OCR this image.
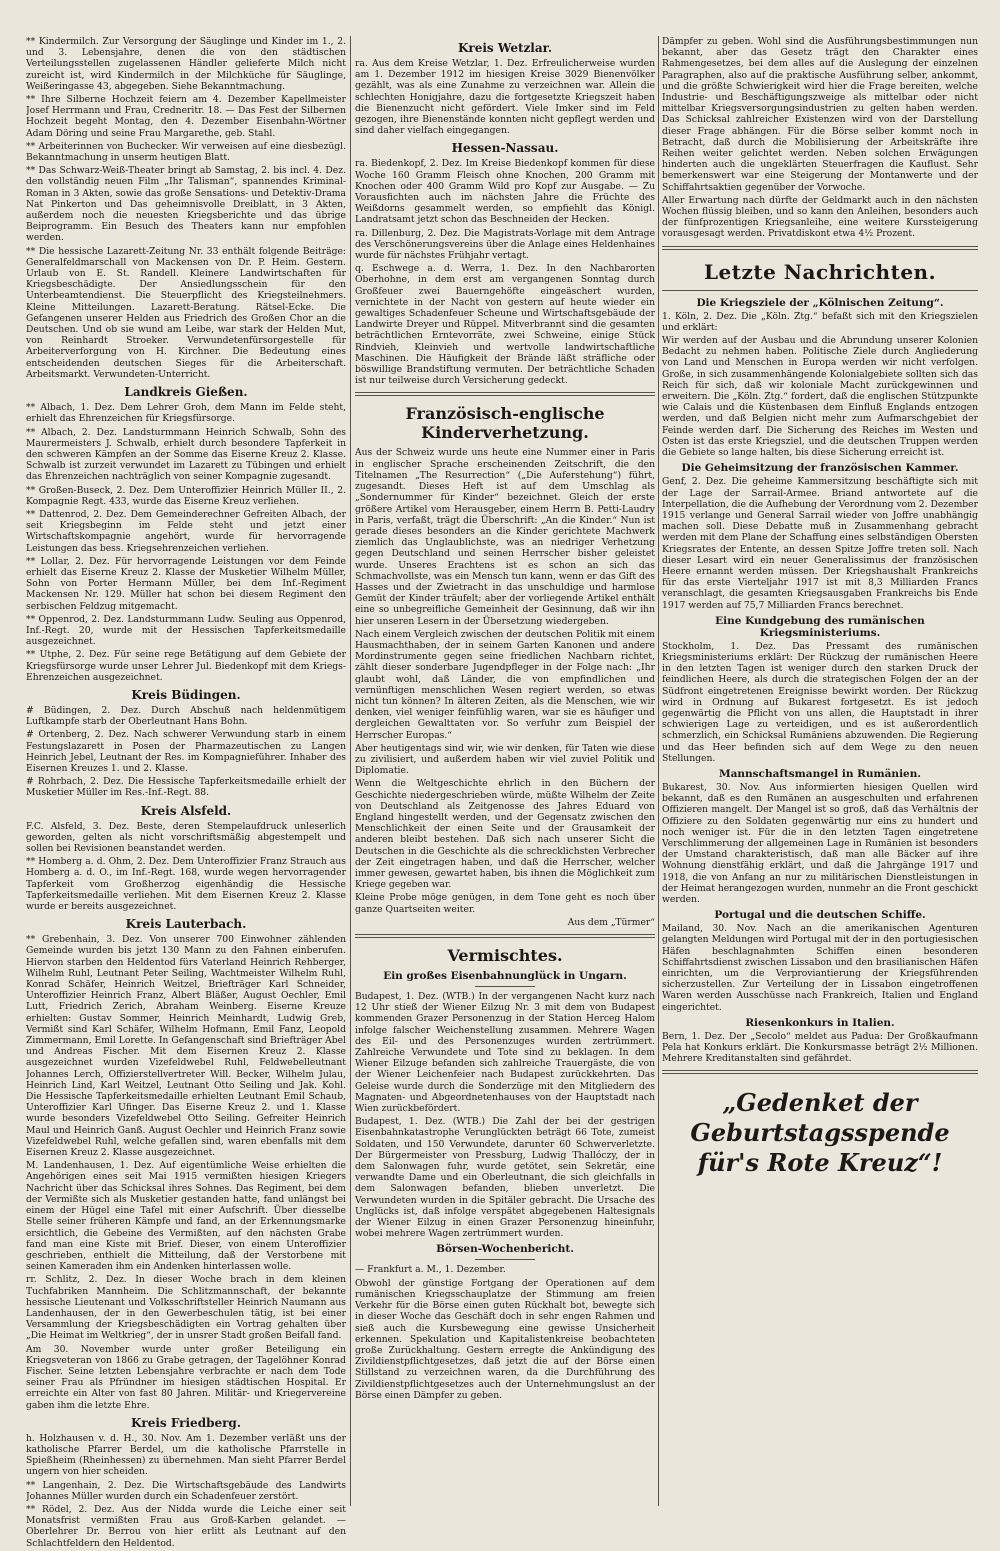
** Kindermilch. Zur Versorgung der Säuglinge und Kinder im 1., 2. und 3. Lebensjahre, denen die von den städtischen Verteilungsstellen zugelassenen Händler gelieferte Milch nicht zureicht ist, wird Kindermilch in der Milchküche für Säuglinge, Weißeringasse 43, abgegeben. Siehe Bekanntmachung.

** Ihre Silberne Hochzeit feiern am 4. Dezember Kapellmeister Josef Herrmann und Frau, Credneritr. 18. — Das Fest der Silbernen Hochzeit begeht Montag, den 4. Dezember Eisenbahn-Wörtner Adam Döring und seine Frau Margarethe, geb. Stahl.

** Arbeiterinnen von Buchecker. Wir verweisen auf eine diesbezügl. Bekanntmachung in unserm heutigen Blatt.

** Das Schwarz-Weiß-Theater bringt ab Samstag, 2. bis incl. 4. Dez. den vollständig neuen Film „Ihr Talisman“, spannendes Kriminal-Roman in 3 Akten, sowie das große Sensations- und Detektiv-Drama Nat Pinkerton und Das geheimnisvolle Dreiblatt, in 3 Akten, außerdem noch die neuesten Kriegsberichte und das übrige Beiprogramm. Ein Besuch des Theaters kann nur empfohlen werden.

** Die hessische Lazarett-Zeitung Nr. 33 enthält folgende Beiträge: Generalfeldmarschall von Mackensen von Dr. P. Heim. Gestern. Urlaub von E. St. Randell. Kleinere Landwirtschaften für Kriegsbeschädigte. Der Ansiedlungsschein für den Unterbeamtendienst. Die Steuerpflicht des Kriegsteilnehmers. Kleine Mitteilungen. Lazarett-Beratung. Rätsel-Ecke. Die Gefangenen unserer Helden aus Friedrich des Großen Chor an die Deutschen. Und ob sie wund am Leibe, war stark der Helden Mut, von Reinhardt Stroeker. Verwundetenfürsorgestelle für Arbeiterverforgung von H. Kirchner. Die Bedeutung eines entscheidenden deutschen Sieges für die Arbeiterschaft. Arbeitsmarkt. Verwundeten-Unterricht.

Landkreis Gießen.

** Albach, 1. Dez. Dem Lehrer Groh, dem Mann im Felde steht, erhielt das Ehrenzeichen für Kriegsfürsorge.

** Albach, 2. Dez. Landsturmmann Heinrich Schwalb, Sohn des Maurermeisters J. Schwalb, erhielt durch besondere Tapferkeit in den schweren Kämpfen an der Somme das Eiserne Kreuz 2. Klasse. Schwalb ist zurzeit verwundet im Lazarett zu Tübingen und erhielt das Ehrenzeichen nachträglich von seiner Kompagnie zugesandt.

** Großen-Buseck, 2. Dez. Dem Unteroffizier Heinrich Müller II., 2. Kompagnie Regt. 433, wurde das Eiserne Kreuz verliehen.

** Dattenrod, 2. Dez. Dem Gemeinderechner Gefreiten Albach, der seit Kriegsbeginn im Felde steht und jetzt einer Wirtschaftskompagnie angehört, wurde für hervorragende Leistungen das bess. Kriegsehrenzeichen verliehen.

** Lollar, 2. Dez. Für hervorragende Leistungen vor dem Feinde erhielt das Eiserne Kreuz 2. Klasse der Musketier Wilhelm Müller, Sohn von Porter Hermann Müller, bei dem Inf.-Regiment Mackensen Nr. 129. Müller hat schon bei diesem Regiment den serbischen Feldzug mitgemacht.

** Oppenrod, 2. Dez. Landsturmmann Ludw. Seuling aus Oppenrod, Inf.-Regt. 20, wurde mit der Hessischen Tapferkeitsmedaille ausgezeichnet.

** Utphe, 2. Dez. Für seine rege Betätigung auf dem Gebiete der Kriegsfürsorge wurde unser Lehrer Jul. Biedenkopf mit dem Kriegs-Ehrenzeichen ausgezeichnet.

Kreis Büdingen.

# Büdingen, 2. Dez. Durch Abschuß nach heldenmütigem Luftkampfe starb der Oberleutnant Hans Bohn.

# Ortenberg, 2. Dez. Nach schwerer Verwundung starb in einem Festungslazarett in Posen der Pharmazeutischen zu Langen Heinrich Jebel, Leutnant der Res. im Kompagnieführer. Inhaber des Eisernen Kreuzes 1. und 2. Klasse.

# Rohrbach, 2. Dez. Die Hessische Tapferkeitsmedaille erhielt der Musketier Müller im Res.-Inf.-Regt. 88.

Kreis Alsfeld.

F.C. Alsfeld, 3. Dez. Beste, deren Stempelaufdruck unleserlich geworden, gelten als nicht vorschriftsmäßig abgestempelt und sollen bei Revisionen beanstandet werden.

** Homberg a. d. Ohm, 2. Dez. Dem Unteroffizier Franz Strauch aus Homberg a. d. O., im Inf.-Regt. 168, wurde wegen hervorragender Tapferkeit vom Großherzog eigenhändig die Hessische Tapferkeitsmedaille verliehen. Mit dem Eisernen Kreuz 2. Klasse wurde er bereits ausgezeichnet.

Kreis Lauterbach.

** Grebenhain, 3. Dez. Von unserer 700 Einwohner zählenden Gemeinde wurden bis jetzt 130 Mann zu den Fahnen einberufen. Hiervon starben den Heldentod fürs Vaterland Heinrich Rehberger, Wilhelm Ruhl, Leutnant Peter Seiling, Wachtmeister Wilhelm Ruhl, Konrad Schäfer, Heinrich Weitzel, Briefträger Karl Schneider, Unteroffizier Heinrich Franz, Albert Bläßer, August Oechler, Emil Lutt, Friedrich Zerich, Abraham Weinberg. Eiserne Kreuze erhielten: Gustav Sommer, Heinrich Meinhardt, Ludwig Greb, Vermißt sind Karl Schäfer, Wilhelm Hofmann, Emil Fanz, Leopold Zimmermann, Emil Lorette. In Gefangenschaft sind Briefträger Abel und Andreas Fischer. Mit dem Eisernen Kreuz 2. Klasse ausgezeichnet wurden Vizefeldwebel Ruhl, Feldwebelleutnant Johannes Lerch, Offizierstellvertreter Will. Becker, Wilhelm Julau, Heinrich Lind, Karl Weitzel, Leutnant Otto Seiling und Jak. Kohl. Die Hessische Tapferkeitsmedaille erhielten Leutnant Emil Schaub, Unteroffizier Karl Ufinger. Das Eiserne Kreuz 2. und 1. Klasse wurde besonders Vizefeldwebel Otto Seiling. Gefreiter Heinrich Maul und Heinrich Ganß. August Oechler und Heinrich Franz sowie Vizefeldwebel Ruhl, welche gefallen sind, waren ebenfalls mit dem Eisernen Kreuz 2. Klasse ausgezeichnet.

M. Landenhausen, 1. Dez. Auf eigentümliche Weise erhielten die Angehörigen eines seit Mai 1915 vermißten hiesigen Kriegers Nachricht über das Schicksal ihres Sohnes. Das Regiment, bei dem der Vermißte sich als Musketier gestanden hatte, fand unlängst bei einem der Hügel eine Tafel mit einer Aufschrift. Über diesselbe Stelle seiner früheren Kämpfe und fand, an der Erkennungsmarke ersichtlich, die Gebeine des Vermißten, auf den nächsten Grabe fand man eine Kiste mit Brief. Dieser, von einem Unteroffizier geschrieben, enthielt die Mitteilung, daß der Verstorbene mit seinen Kameraden ihm ein Andenken hinterlassen wolle.

rr. Schlitz, 2. Dez. In dieser Woche brach in dem kleinen Tuchfabriken Mannheim. Die Schlitzmannschaft, der bekannte hessische Lieutenant und Volksschriftsteller Heinrich Naumann aus Landenhausen, der in den Gewerbeschulen tätig, ist bei einer Versammlung der Kriegsbeschädigten ein Vortrag gehalten über „Die Heimat im Weltkrieg“, der in unsrer Stadt großen Beifall fand.

Am 30. November wurde unter großer Beteiligung ein Kriegsveteran von 1866 zu Grabe getragen, der Tagelöhner Konrad Fischer. Seine letzten Lebensjahre verbrachte er nach dem Tode seiner Frau als Pfründner im hiesigen städtischen Hospital. Er erreichte ein Alter von fast 80 Jahren. Militär- und Kriegervereine gaben ihm die letzte Ehre.

Kreis Friedberg.

h. Holzhausen v. d. H., 30. Nov. Am 1. Dezember verläßt uns der katholische Pfarrer Berdel, um die katholische Pfarrstelle in Spießheim (Rheinhessen) zu übernehmen. Man sieht Pfarrer Berdel ungern von hier scheiden.

** Langenhain, 2. Dez. Die Wirtschaftsgebäude des Landwirts Johannes Müller wurden durch ein Schadenfeuer zerstört.

** Rödel, 2. Dez. Aus der Nidda wurde die Leiche einer seit Monatsfrist vermißten Frau aus Groß-Karben gelandet. — Oberlehrer Dr. Berrou von hier erlitt als Leutnant auf den Schlachtfeldern den Heldentod.

Kreis Wetzlar.

ra. Aus dem Kreise Wetzlar, 1. Dez. Erfreulicherweise wurden am 1. Dezember 1912 im hiesigen Kreise 3029 Bienenvölker gezählt, was als eine Zunahme zu verzeichnen war. Allein die schlechten Honigjahre, dazu die fortgesetzte Kriegszeit haben die Bienenzucht nicht gefördert. Viele Imker sind im Feld gezogen, ihre Bienenstände konnten nicht gepflegt werden und sind daher vielfach eingegangen.

Hessen-Nassau.

ra. Biedenkopf, 2. Dez. Im Kreise Biedenkopf kommen für diese Woche 160 Gramm Fleisch ohne Knochen, 200 Gramm mit Knochen oder 400 Gramm Wild pro Kopf zur Ausgabe. — Zu Vorausfichten auch im nächsten Jahre die Früchte des Weißdorns gesammelt werden, so empfiehlt das Königl. Landratsamt jetzt schon das Beschneiden der Hecken.

ra. Dillenburg, 2. Dez. Die Magistrats-Vorlage mit dem Antrage des Verschönerungsvereins über die Anlage eines Heldenhaines wurde für nächstes Frühjahr vertagt.

q. Eschwege a. d. Werra, 1. Dez. In den Nachbarorten Oberhohne, in dem erst am vergangenen Sonntag durch Großfeuer zwei Bauerngehöfte eingeäschert wurden, vernichtete in der Nacht von gestern auf heute wieder ein gewaltiges Schadenfeuer Scheune und Wirtschaftsgebäude der Landwirte Dreyer und Rüppel. Mitverbrannt sind die gesamten beträchtlichen Erntevorräte, zwei Schweine, einige Stück Rindvieh, Kleinvieh und wertvolle landwirtschaftliche Maschinen. Die Häufigkeit der Brände läßt sträfliche oder böswillige Brandstiftung vermuten. Der beträchtliche Schaden ist nur teilweise durch Versicherung gedeckt.

Französisch-englische Kinderverhetzung.

Aus der Schweiz wurde uns heute eine Nummer einer in Paris in englischer Sprache erscheinenden Zeitschrift, die den Titelnamen „The Resurrection“ („Die Auferstehung“) führt, zugesandt. Dieses Heft ist auf dem Umschlag als „Sondernummer für Kinder“ bezeichnet. Gleich der erste größere Artikel vom Herausgeber, einem Herrn B. Petti-Laudry in Paris, verfaßt, trägt die Überschrift: „An die Kinder.“ Nun ist gerade dieses besonders an die Kinder gerichtete Machwerk ziemlich das Unglaublichste, was an niedriger Verhetzung gegen Deutschland und seinen Herrscher bisher geleistet wurde. Unseres Erachtens ist es schon an sich das Schmachvollste, was ein Mensch tun kann, wenn er das Gift des Hasses und der Zwietracht in das unschuldige und harmlose Gemüt der Kinder träufelt; aber der vorliegende Artikel enthält eine so unbegreifliche Gemeinheit der Gesinnung, daß wir ihn hier unseren Lesern in der Übersetzung wiedergeben.

Nach einem Vergleich zwischen der deutschen Politik mit einem Hausmachthaben, der in seinem Garten Kanonen und andere Mordinstrumente gegen seine friedlichen Nachbarn richtet, zählt dieser sonderbare Jugendpfleger in der Folge nach: „Ihr glaubt wohl, daß Länder, die von empfindlichen und vernünftigen menschlichen Wesen regiert werden, so etwas nicht tun können? In älteren Zeiten, als die Menschen, wie wir denken, viel weniger feinfühlig waren, war sie es häufiger und dergleichen Gewalttaten vor. So verfuhr zum Beispiel der Herrscher Europas.“

Aber heutigentags sind wir, wie wir denken, für Taten wie diese zu zivilisiert, und außerdem haben wir viel zuviel Politik und Diplomatie.

Wenn die Weltgeschichte ehrlich in den Büchern der Geschichte niedergeschrieben würde, müßte Wilhelm der Zeite von Deutschland als Zeitgenosse des Jahres Eduard von England hingestellt werden, und der Gegensatz zwischen den Menschlichkeit der einen Seite und der Grausamkeit der anderen bleibt bestehen. Daß sich nach unserer Sicht die Deutschen in die Geschichte als die schrecklichsten Verbrecher der Zeit eingetragen haben, und daß die Herrscher, welcher immer gewesen, gewartet haben, bis ihnen die Möglichkeit zum Kriege gegeben war.

Kleine Probe möge genügen, in dem Tone geht es noch über ganze Quartseiten weiter.

Aus dem „Türmer“

Vermischtes.
Ein großes Eisenbahnunglück in Ungarn.

Budapest, 1. Dez. (WTB.) In der vergangenen Nacht kurz nach 12 Uhr stieß der Wiener Eilzug Nr. 3 mit dem von Budapest kommenden Grazer Personenzug in der Station Herceg Halom infolge falscher Weichenstellung zusammen. Mehrere Wagen des Eil- und des Personenzuges wurden zertrümmert. Zahlreiche Verwundete und Tote sind zu beklagen. In dem Wiener Eilzuge befanden sich zahlreiche Trauergäste, die von der Wiener Leichenfeier nach Budapest zurückkehrten. Das Geleise wurde durch die Sonderzüge mit den Mitgliedern des Magnaten- und Abgeordnetenhauses von der Hauptstadt nach Wien zurückbefördert.

Budapest, 1. Dez. (WTB.) Die Zahl der bei der gestrigen Eisenbahnkatastrophe Verunglückten beträgt 66 Tote, zumeist Soldaten, und 150 Verwundete, darunter 60 Schwerverletzte. Der Bürgermeister von Pressburg, Ludwig Thallóczy, der in dem Salonwagen fuhr, wurde getötet, sein Sekretär, eine verwandte Dame und ein Oberleutnant, die sich gleichfalls in dem Salonwagen befanden, blieben unverletzt. Die Verwundeten wurden in die Spitäler gebracht. Die Ursache des Unglücks ist, daß infolge verspätet abgegebenen Haltesignals der Wiener Eilzug in einen Grazer Personenzug hineinfuhr, wobei mehrere Wagen zertrümmert wurden.

Börsen-Wochenbericht.

— Frankfurt a. M., 1. Dezember.

Obwohl der günstige Fortgang der Operationen auf dem rumänischen Kriegsschauplatze der Stimmung am freien Verkehr für die Börse einen guten Rückhalt bot, bewegte sich in dieser Woche das Geschäft doch in sehr engen Rahmen und sieß auch die Kursbewegung eine gewisse Unsicherheit erkennen. Spekulation und Kapitalistenkreise beobachteten große Zurückhaltung. Gestern erregte die Ankündigung des Zivildienstpflichtgesetzes, daß jetzt die auf der Börse einen Stillstand zu verzeichnen waren, da die Durchführung des Zivildienstpflichtgesetzes auch der Unternehmungslust an der Börse einen Dämpfer zu geben.

Dämpfer zu geben. Wohl sind die Ausführungsbestimmungen nun bekannt, aber das Gesetz trägt den Charakter eines Rahmengesetzes, bei dem alles auf die Auslegung der einzelnen Paragraphen, also auf die praktische Ausführung selber, ankommt, und die größte Schwierigkeit wird hier die Frage bereiten, welche Industrie- und Beschäftigungszweige als mittelbar oder nicht mittelbar Kriegsversorgungsindustrien zu gelten haben werden. Das Schicksal zahlreicher Existenzen wird von der Darstellung dieser Frage abhängen. Für die Börse selber kommt noch in Betracht, daß durch die Mobilisierung der Arbeitskräfte ihre Reihen weiter gelichtet werden. Neben solchen Erwägungen hinderten auch die ungeklärten Steuerfragen die Kauflust. Sehr bemerkenswert war eine Steigerung der Montanwerte und der Schiffahrtsaktien gegenüber der Vorwoche.

Aller Erwartung nach dürfte der Geldmarkt auch in den nächsten Wochen flüssig bleiben, und so kann den Anleihen, besonders auch der fünfprozentigen Kriegsanleihe, eine weitere Kurssteigerung vorausgesagt werden. Privatdiskont etwa 4½ Prozent.

Letzte Nachrichten.
Die Kriegsziele der „Kölnischen Zeitung“.

1. Köln, 2. Dez. Die „Köln. Ztg.“ befaßt sich mit den Kriegszielen und erklärt:

Wir werden auf der Ausbau und die Abrundung unserer Kolonien Bedacht zu nehmen haben. Politische Ziele durch Angliederung von Land und Menschen in Europa werden wir nicht verfolgen. Große, in sich zusammenhängende Kolonialgebiete sollten sich das Reich für sich, daß wir koloniale Macht zurückgewinnen und erweitern. Die „Köln. Ztg.“ fordert, daß die englischen Stützpunkte wie Calais und die Küstenbasen dem Einfluß Englands entzogen werden, und daß Belgien nicht mehr zum Aufmarschgebiet der Feinde werden darf. Die Sicherung des Reiches im Westen und Osten ist das erste Kriegsziel, und die deutschen Truppen werden die Gebiete so lange halten, bis diese Sicherung erreicht ist.

Die Geheimsitzung der französischen Kammer.

Genf, 2. Dez. Die geheime Kammersitzung beschäftigte sich mit der Lage der Sarrail-Armee. Briand antwortete auf die Interpellation, die die Aufhebung der Verordnung vom 2. Dezember 1915 verlange und General Sarrail wieder von Joffre unabhängig machen soll. Diese Debatte muß in Zusammenhang gebracht werden mit dem Plane der Schaffung eines selbständigen Obersten Kriegsrates der Entente, an dessen Spitze Joffre treten soll. Nach dieser Lesart wird ein neuer Generalissimus der französischen Heere ernannt werden müssen. Der Kriegshaushalt Frankreichs für das erste Vierteljahr 1917 ist mit 8,3 Milliarden Francs veranschlagt, die gesamten Kriegsausgaben Frankreichs bis Ende 1917 werden auf 75,7 Milliarden Francs berechnet.

Eine Kundgebung des rumänischen Kriegsministeriums.

Stockholm, 1. Dez. Das Pressamt des rumänischen Kriegsministeriums erklärt: Der Rückzug der rumänischen Heere in den letzten Tagen ist weniger durch den starken Druck der feindlichen Heere, als durch die strategischen Folgen der an der Südfront eingetretenen Ereignisse bewirkt worden. Der Rückzug wird in Ordnung auf Bukarest fortgesetzt. Es ist jedoch gegenwärtig die Pflicht von uns allen, die Hauptstadt in ihrer schwierigen Lage zu verteidigen, und es ist außerordentlich schmerzlich, ein Schicksal Rumäniens abzuwenden. Die Regierung und das Heer befinden sich auf dem Wege zu den neuen Stellungen.

Mannschaftsmangel in Rumänien.

Bukarest, 30. Nov. Aus informierten hiesigen Quellen wird bekannt, daß es den Rumänen an ausgeschulten und erfahrenen Offizieren mangelt. Der Mangel ist so groß, daß das Verhältnis der Offiziere zu den Soldaten gegenwärtig nur eins zu hundert und noch weniger ist. Für die in den letzten Tagen eingetretene Verschlimmerung der allgemeinen Lage in Rumänien ist besonders der Umstand charakteristisch, daß man alle Bäcker auf ihre Wohnung dienstfähig erklärt, und daß die Jahrgänge 1917 und 1918, die von Anfang an nur zu militärischen Dienstleistungen in der Heimat herangezogen wurden, nunmehr an die Front geschickt werden.

Portugal und die deutschen Schiffe.

Mailand, 30. Nov. Nach an die amerikanischen Agenturen gelangten Meldungen wird Portugal mit der in den portugiesischen Häfen beschlagnahmten Schiffen einen besonderen Schiffahrtsdienst zwischen Lissabon und den brasilianischen Häfen einrichten, um die Verproviantierung der Kriegsführenden sicherzustellen. Zur Verteilung der in Lissabon eingetroffenen Waren werden Ausschüsse nach Frankreich, Italien und England eingerichtet.

Riesenkonkurs in Italien.

Bern, 1. Dez. Der „Secolo“ meldet aus Padua: Der Großkaufmann Pela hat Konkurs erklärt. Die Konkursmasse beträgt 2½ Millionen. Mehrere Kreditanstalten sind gefährdet.

„Gedenket der Geburtstagsspende
für's Rote Kreuz“!
